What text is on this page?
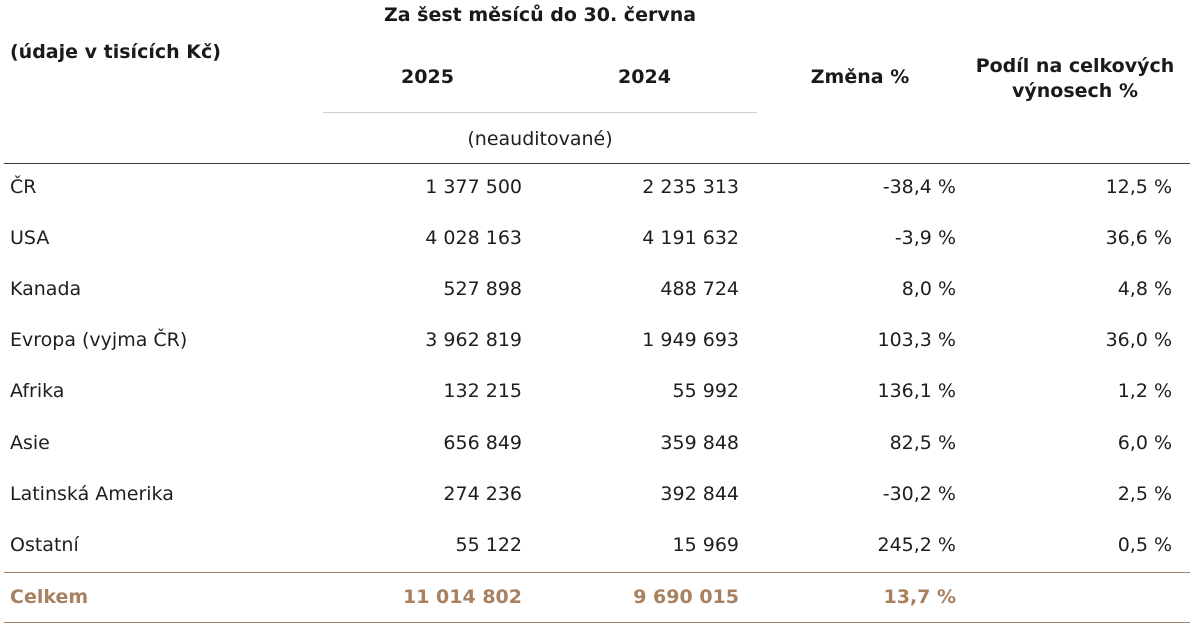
Za šest měsíců do 30. června
(údaje v tisících Kč)
2025	2024	Změna %	Podíl na celkových
výnosech %
(neauditované)
ČR	1 377 500	2 235 313	-38,4 %	12,5 %
USA	4 028 163	4 191 632	-3,9 %	36,6 %
Kanada	527 898	488 724	8,0 %	4,8 %
Evropa (vyjma ČR)	3 962 819	1 949 693	103,3 %	36,0 %
Afrika	132 215	55 992	136,1 %	1,2 %
Asie	656 849	359 848	82,5 %	6,0 %
Latinská Amerika	274 236	392 844	-30,2 %	2,5 %
Ostatní	55 122	15 969	245,2 %	0,5 %
Celkem	11 014 802	9 690 015	13,7 %
